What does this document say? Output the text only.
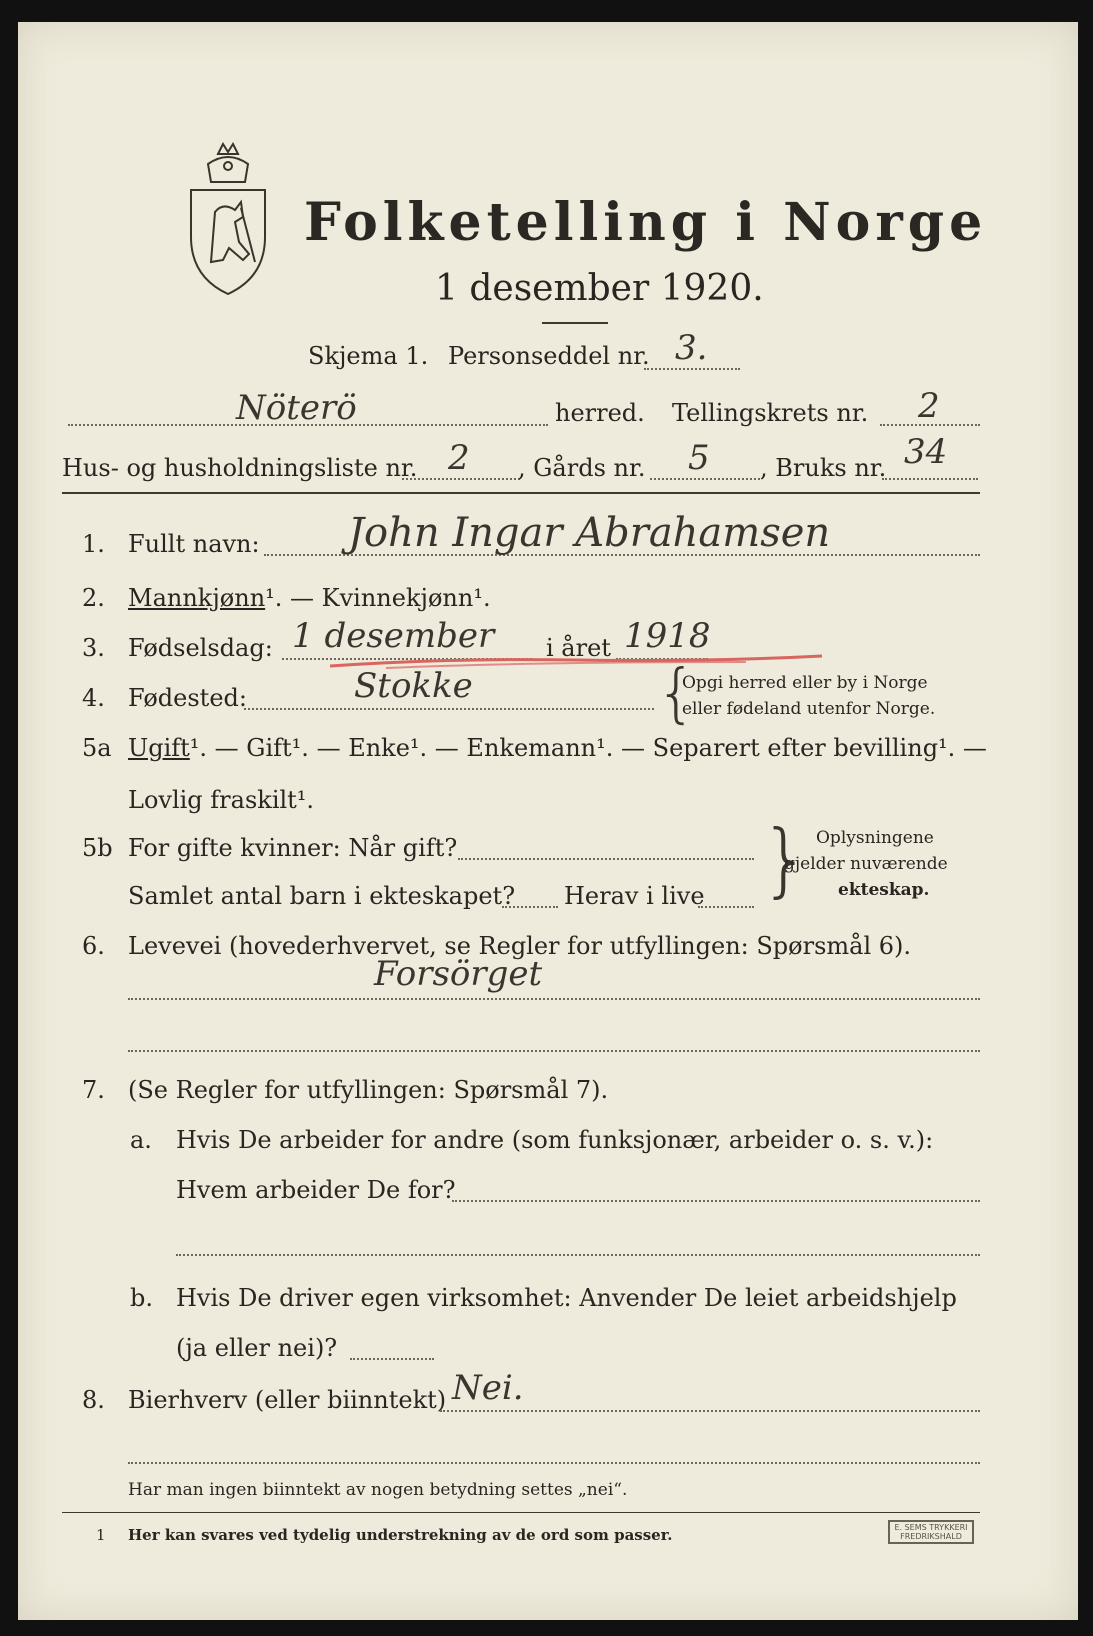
Folketelling i Norge
1 desember 1920.
Skjema 1. Personseddel nr. 3.
Nöterö	herred. Tellingskrets nr. 2
Hus- og husholdningsliste nr. 2 , Gårds nr. 5 , Bruks nr. 34
1. Fullt navn: John Ingar Abrahamsen
2. Mannkjønn¹. — Kvinnekjønn¹.
3. Fødselsdag: 1 desember i året 1918
4. Fødested:	Stokke	{
Opgi herred eller by i Norge
eller fødeland utenfor Norge.
5a Ugift¹. — Gift¹. — Enke¹. — Enkemann¹. — Separert efter bevilling¹. —
Lovlig fraskilt¹.
5b For gifte kvinner: Når gift?
Samlet antal barn i ekteskapet? Herav i live } Oplysningene
gjelder nuværende
ekteskap.
6. Levevei (hovederhvervet, se Regler for utfyllingen: Spørsmål 6).
Forsörget
7. (Se Regler for utfyllingen: Spørsmål 7).
a. Hvis De arbeider for andre (som funksjonær, arbeider o. s. v.):
Hvem arbeider De for?
b. Hvis De driver egen virksomhet: Anvender De leiet arbeidshjelp
(ja eller nei)?
8. Bierhverv (eller biinntekt) Nei.
Har man ingen biinntekt av nogen betydning settes „nei“.
1 Her kan svares ved tydelig understrekning av de ord som passer.	E. SEMS TRYKKERI FREDRIKSHALD
